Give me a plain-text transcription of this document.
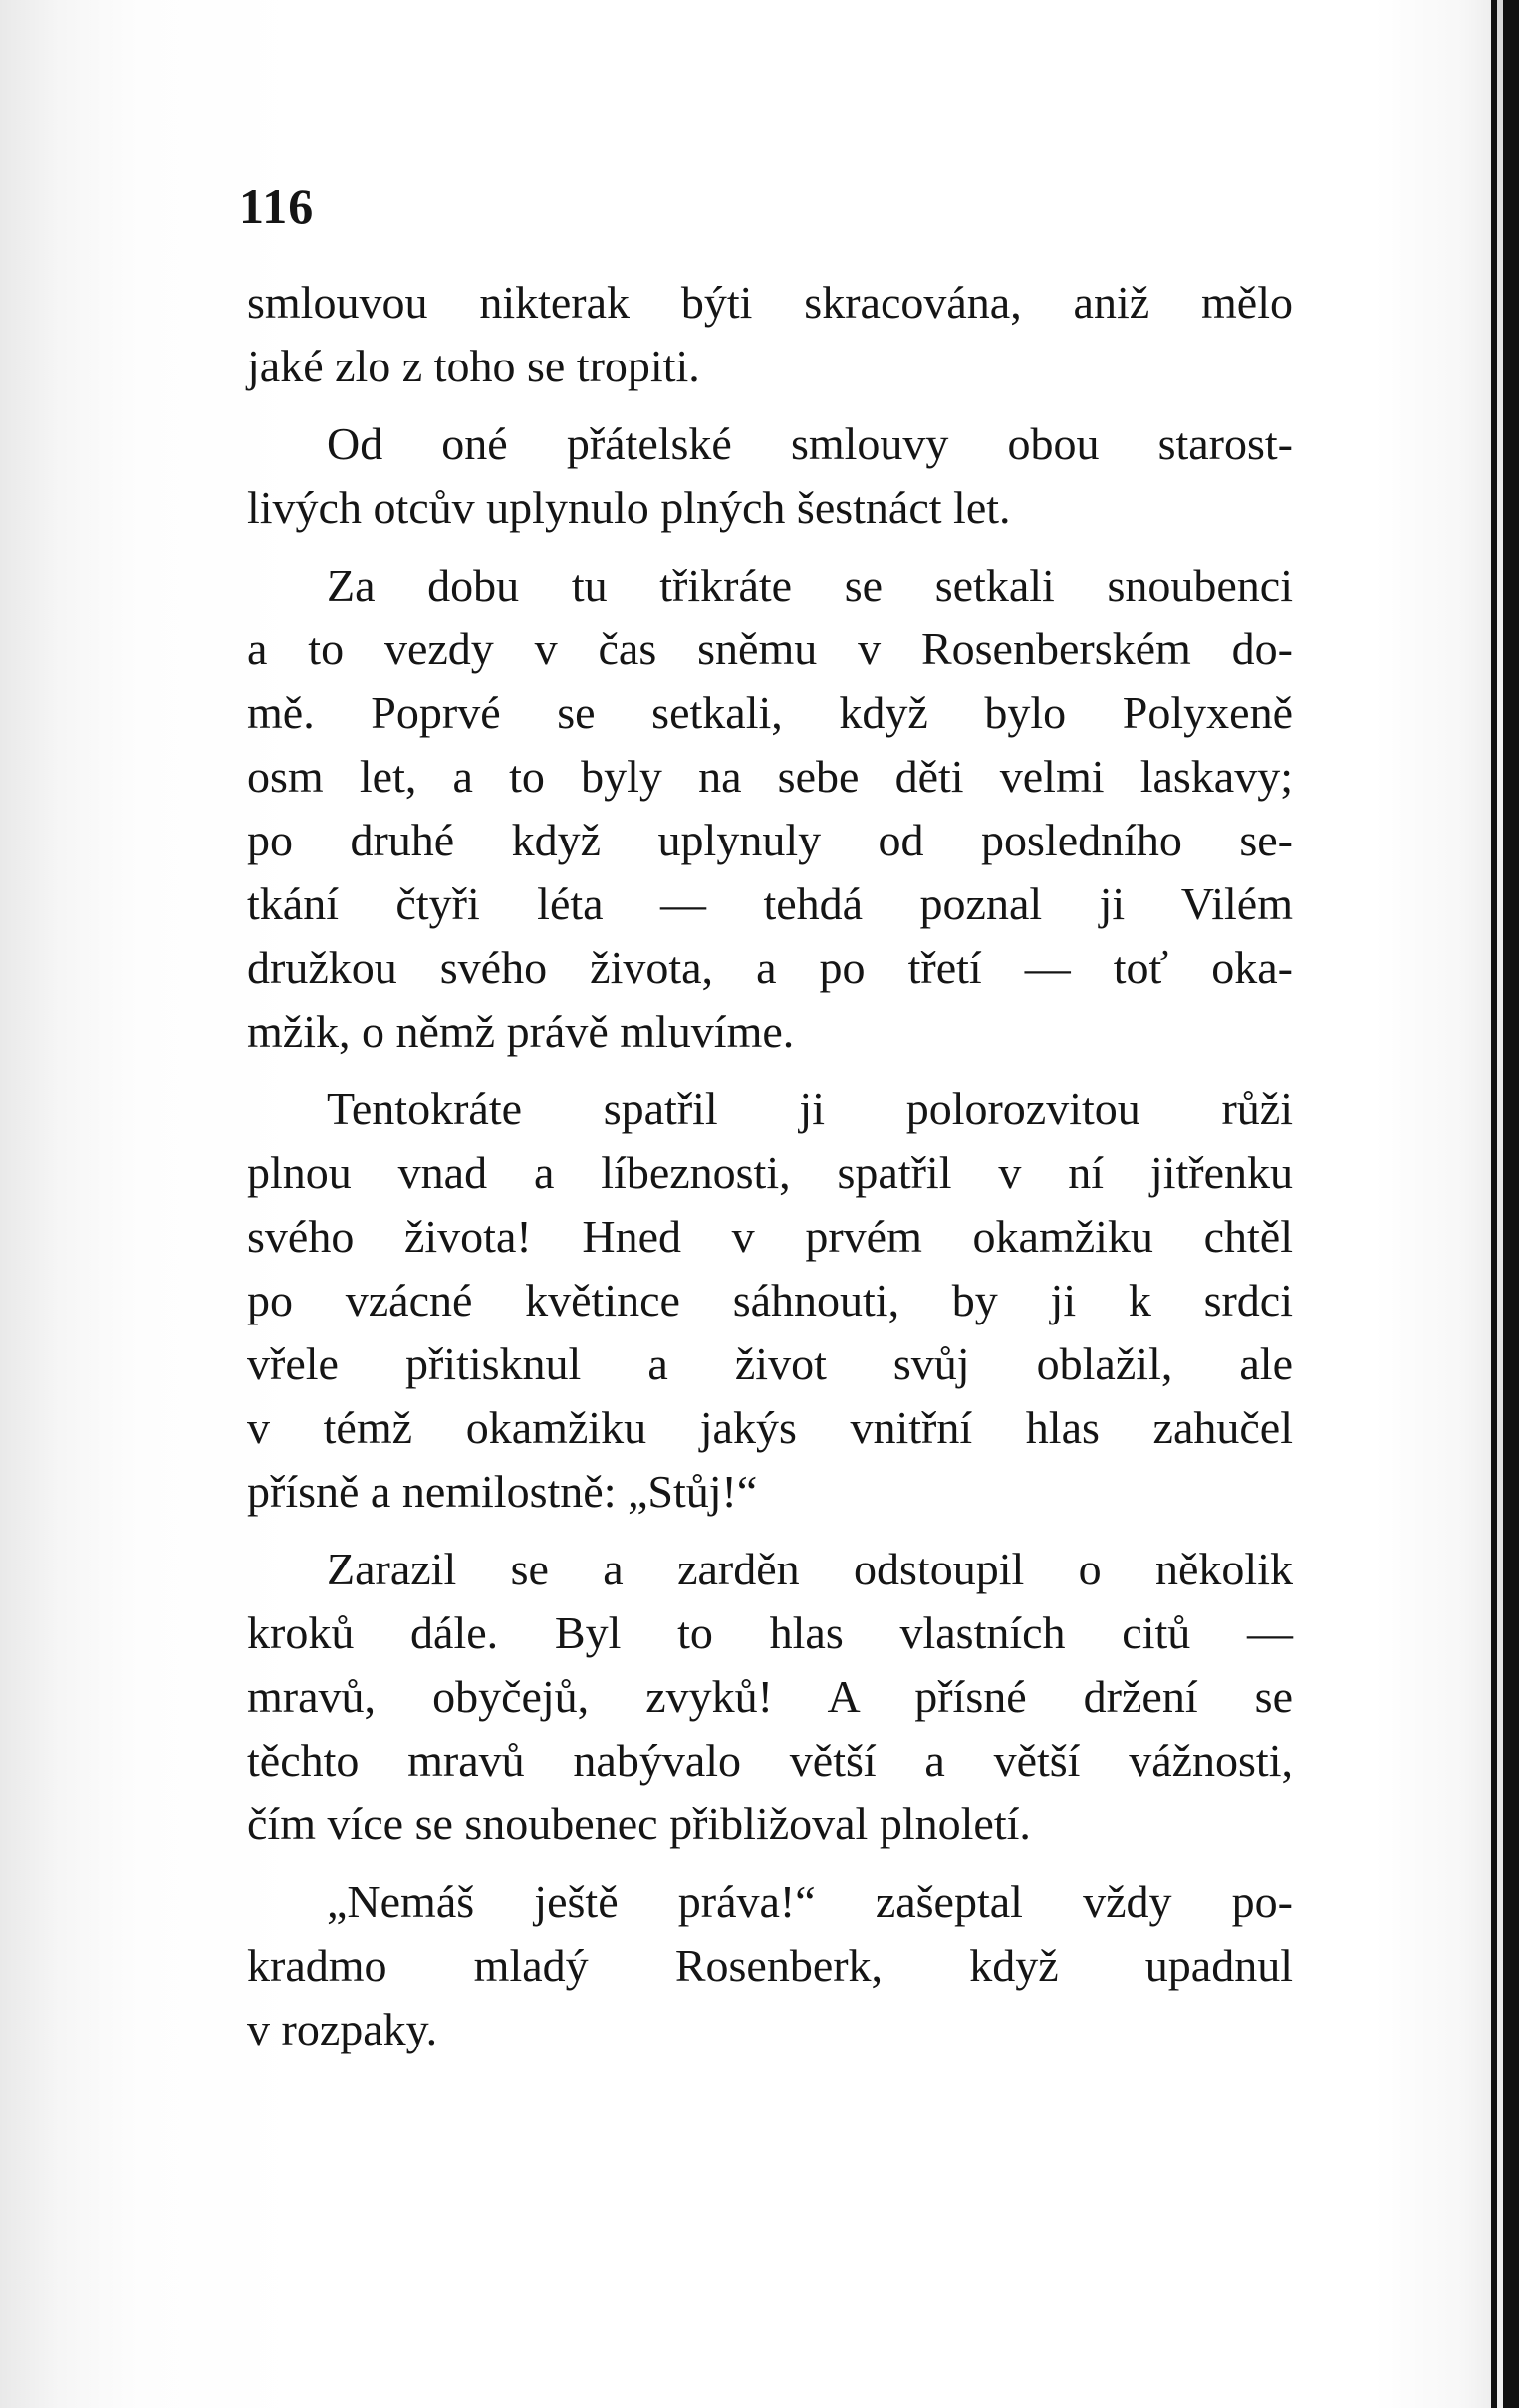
116
smlouvou nikterak býti skracována, aniž mělo
jaké zlo z toho se tropiti.
Od oné přátelské smlouvy obou starost-
livých otcův uplynulo plných šestnáct let.
Za dobu tu třikráte se setkali snoubenci
a to vezdy v čas sněmu v Rosenberském do-
mě. Poprvé se setkali, když bylo Polyxeně
osm let, a to byly na sebe děti velmi laskavy;
po druhé když uplynuly od posledního se-
tkání čtyři léta — tehdá poznal ji Vilém
družkou svého života, a po třetí — toť oka-
mžik, o němž právě mluvíme.
Tentokráte spatřil ji polorozvitou růži
plnou vnad a líbeznosti, spatřil v ní jitřenku
svého života! Hned v prvém okamžiku chtěl
po vzácné květince sáhnouti, by ji k srdci
vřele přitisknul a život svůj oblažil, ale
v témž okamžiku jakýs vnitřní hlas zahučel
přísně a nemilostně: „Stůj!“
Zarazil se a zarděn odstoupil o několik
kroků dále. Byl to hlas vlastních citů —
mravů, obyčejů, zvyků! A přísné držení se
těchto mravů nabývalo větší a větší vážnosti,
čím více se snoubenec přibližoval plnoletí.
„Nemáš ještě práva!“ zašeptal vždy po-
kradmo mladý Rosenberk, když upadnul
v rozpaky.
